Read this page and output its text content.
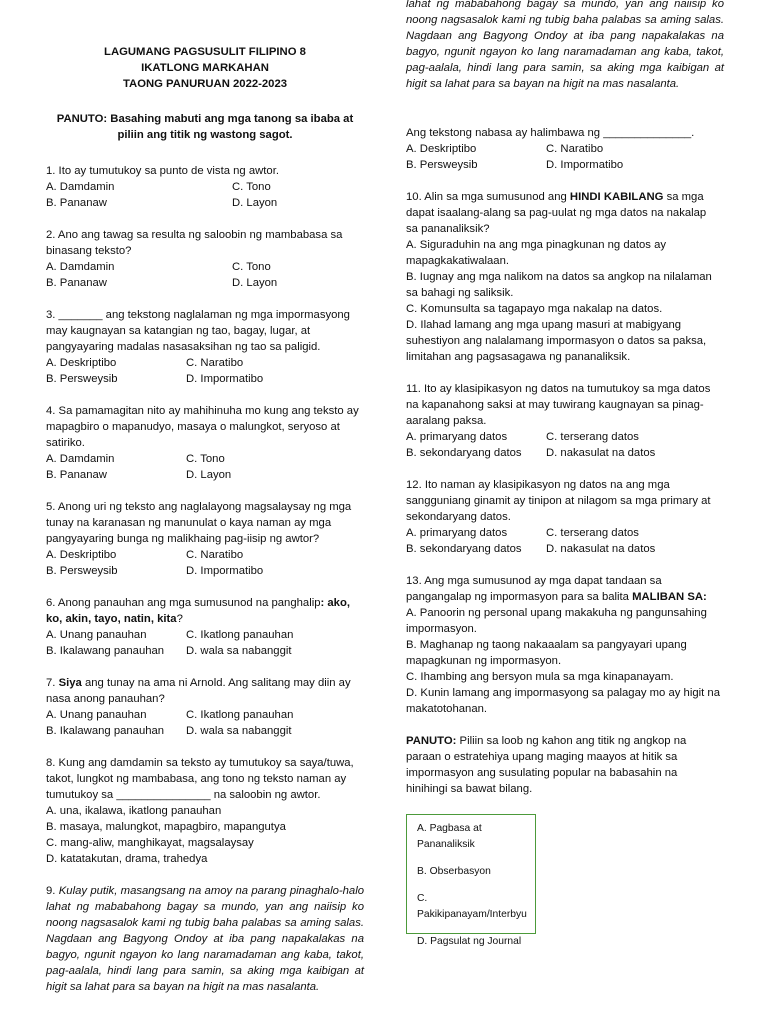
LAGUMANG PAGSUSULIT FILIPINO 8
IKATLONG MARKAHAN
TAONG PANURUAN 2022-2023
PANUTO: Basahing mabuti ang mga tanong sa ibaba at
piliin ang titik ng wastong sagot.
1. Ito ay tumutukoy sa punto de vista ng awtor.
A. Damdamin	C. Tono
B. Pananaw	D. Layon
2. Ano ang tawag sa resulta ng saloobin ng mambabasa sa binasang teksto?
A. Damdamin	C. Tono
B. Pananaw	D. Layon
3. _______ ang tekstong naglalaman ng mga impormasyong may kaugnayan sa katangian ng tao, bagay, lugar, at pangyayaring madalas nasasaksihan ng tao sa paligid.
A. Deskriptibo	C. Naratibo
B. Persweysib	D. Impormatibo
4. Sa pamamagitan nito ay mahihinuha mo kung ang teksto ay mapagbiro o mapanudyo, masaya o malungkot, seryoso at satiriko.
A. Damdamin	C. Tono
B. Pananaw	D. Layon
5. Anong uri ng teksto ang naglalayong magsalaysay ng mga tunay na karanasan ng manunulat o kaya naman ay mga pangyayaring bunga ng malikhaing pag-iisip ng awtor?
A. Deskriptibo	C. Naratibo
B. Persweysib	D. Impormatibo
6. Anong panauhan ang mga sumusunod na panghalip: ako, ko, akin, tayo, natin, kita?
A. Unang panauhan	C. Ikatlong panauhan
B. Ikalawang panauhan	D. wala sa nabanggit
7. Siya ang tunay na ama ni Arnold. Ang salitang may diin ay nasa anong panauhan?
A. Unang panauhan	C. Ikatlong panauhan
B. Ikalawang panauhan	D. wala sa nabanggit
8. Kung ang damdamin sa teksto ay tumutukoy sa saya/tuwa, takot, lungkot ng mambabasa, ang tono ng teksto naman ay tumutukoy sa _______________ na saloobin ng awtor.
A. una, ikalawa, ikatlong panauhan
B. masaya, malungkot, mapagbiro, mapangutya
C. mang-aliw, manghikayat, magsalaysay
D. katatakutan, drama, trahedya
9. Kulay putik, masangsang na amoy na parang pinaghalo-halo lahat ng mababahong bagay sa mundo, yan ang naiisip ko noong nagsasalok kami ng tubig baha palabas sa aming salas. Nagdaan ang Bagyong Ondoy at iba pang napakalakas na bagyo, ngunit ngayon ko lang naramadaman ang kaba, takot, pag-aalala, hindi lang para samin, sa aking mga kaibigan at higit sa lahat para sa bayan na higit na mas nasalanta.
lahat ng mababahong bagay sa mundo, yan ang naiisip ko noong nagsasalok kami ng tubig baha palabas sa aming salas. Nagdaan ang Bagyong Ondoy at iba pang napakalakas na bagyo, ngunit ngayon ko lang naramadaman ang kaba, takot, pag-aalala, hindi lang para samin, sa aking mga kaibigan at higit sa lahat para sa bayan na higit na mas nasalanta.
Ang tekstong nabasa ay halimbawa ng ______________.
A. Deskriptibo	C. Naratibo
B. Persweysib	D. Impormatibo
10. Alin sa mga sumusunod ang HINDI KABILANG sa mga dapat isaalang-alang sa pag-uulat ng mga datos na nakalap sa pananaliksik?
A. Siguraduhin na ang mga pinagkunan ng datos ay mapagkakatiwalaan.
B. Iugnay ang mga nalikom na datos sa angkop na nilalaman sa bahagi ng saliksik.
C. Komunsulta sa tagapayo mga nakalap na datos.
D. Ilahad lamang ang mga upang masuri at mabigyang suhestiyon ang nalalamang impormasyon o datos sa paksa, limitahan ang pagsasagawa ng pananaliksik.
11. Ito ay klasipikasyon ng datos na tumutukoy sa mga datos na kapanahong saksi at may tuwirang kaugnayan sa pinag-aaralang paksa.
A. primaryang datos	C. terserang datos
B. sekondaryang datos	D. nakasulat na datos
12. Ito naman ay klasipikasyon ng datos na ang mga sangguniang ginamit ay tinipon at nilagom sa mga primary at sekondaryang datos.
A. primaryang datos	C. terserang datos
B. sekondaryang datos	D. nakasulat na datos
13. Ang mga sumusunod ay mga dapat tandaan sa pangangalap ng impormasyon para sa balita MALIBAN SA:
A. Panoorin ng personal upang makakuha ng pangunsahing impormasyon.
B. Maghanap ng taong nakaaalam sa pangyayari upang mapagkunan ng impormasyon.
C. Ihambing ang bersyon mula sa mga kinapanayam.
D. Kunin lamang ang impormasyong sa palagay mo ay higit na makatotohanan.
PANUTO: Piliin sa loob ng kahon ang titik ng angkop na paraan o estratehiya upang maging maayos at hitik sa impormasyon ang susulating popular na babasahin na hinihingi sa bawat bilang.
A. Pagbasa at Pananaliksik
B. Obserbasyon
C. Pakikipanayam/Interbyu
D. Pagsulat ng Journal
